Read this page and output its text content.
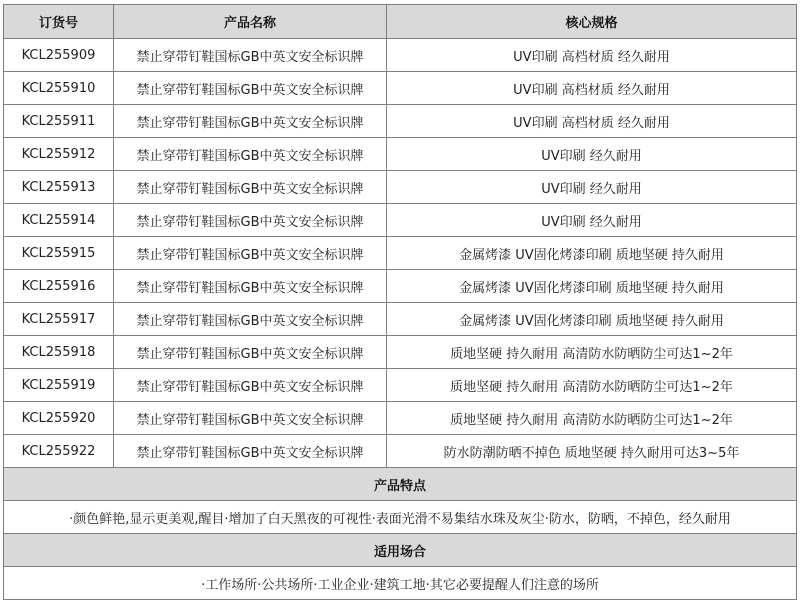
订货号	产品名称	核心规格
KCL255909	禁止穿带钉鞋国标GB中英文安全标识牌	UV印刷 高档材质 经久耐用
KCL255910	禁止穿带钉鞋国标GB中英文安全标识牌	UV印刷 高档材质 经久耐用
KCL255911	禁止穿带钉鞋国标GB中英文安全标识牌	UV印刷 高档材质 经久耐用
KCL255912	禁止穿带钉鞋国标GB中英文安全标识牌	UV印刷 经久耐用
KCL255913	禁止穿带钉鞋国标GB中英文安全标识牌	UV印刷 经久耐用
KCL255914	禁止穿带钉鞋国标GB中英文安全标识牌	UV印刷 经久耐用
KCL255915	禁止穿带钉鞋国标GB中英文安全标识牌	金属烤漆 UV固化烤漆印刷 质地坚硬 持久耐用
KCL255916	禁止穿带钉鞋国标GB中英文安全标识牌	金属烤漆 UV固化烤漆印刷 质地坚硬 持久耐用
KCL255917	禁止穿带钉鞋国标GB中英文安全标识牌	金属烤漆 UV固化烤漆印刷 质地坚硬 持久耐用
KCL255918	禁止穿带钉鞋国标GB中英文安全标识牌	质地坚硬 持久耐用 高清防水防晒防尘可达1~2年
KCL255919	禁止穿带钉鞋国标GB中英文安全标识牌	质地坚硬 持久耐用 高清防水防晒防尘可达1~2年
KCL255920	禁止穿带钉鞋国标GB中英文安全标识牌	质地坚硬 持久耐用 高清防水防晒防尘可达1~2年
KCL255922	禁止穿带钉鞋国标GB中英文安全标识牌	防水防潮防晒不掉色 质地坚硬 持久耐用可达3~5年
产品特点		
·颜色鲜艳,显示更美观,醒目·增加了白天黑夜的可视性·表面光滑不易集结水珠及灰尘·防水，防晒，不掉色，经久耐用		
适用场合		
·工作场所·公共场所·工业企业·建筑工地·其它必要提醒人们注意的场所		
